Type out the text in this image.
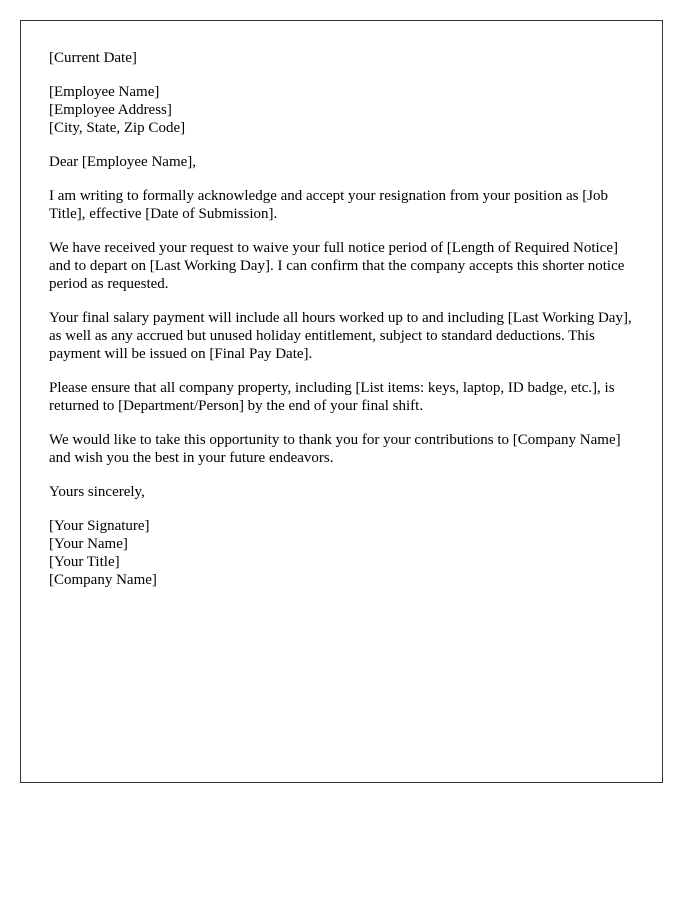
[Current Date]

[Employee Name]
[Employee Address]
[City, State, Zip Code]

Dear [Employee Name],

I am writing to formally acknowledge and accept your resignation from your position as [Job Title], effective [Date of Submission].

We have received your request to waive your full notice period of [Length of Required Notice] and to depart on [Last Working Day]. I can confirm that the company accepts this shorter notice period as requested.

Your final salary payment will include all hours worked up to and including [Last Working Day], as well as any accrued but unused holiday entitlement, subject to standard deductions. This payment will be issued on [Final Pay Date].

Please ensure that all company property, including [List items: keys, laptop, ID badge, etc.], is returned to [Department/Person] by the end of your final shift.

We would like to take this opportunity to thank you for your contributions to [Company Name] and wish you the best in your future endeavors.

Yours sincerely,

[Your Signature]
[Your Name]
[Your Title]
[Company Name]
